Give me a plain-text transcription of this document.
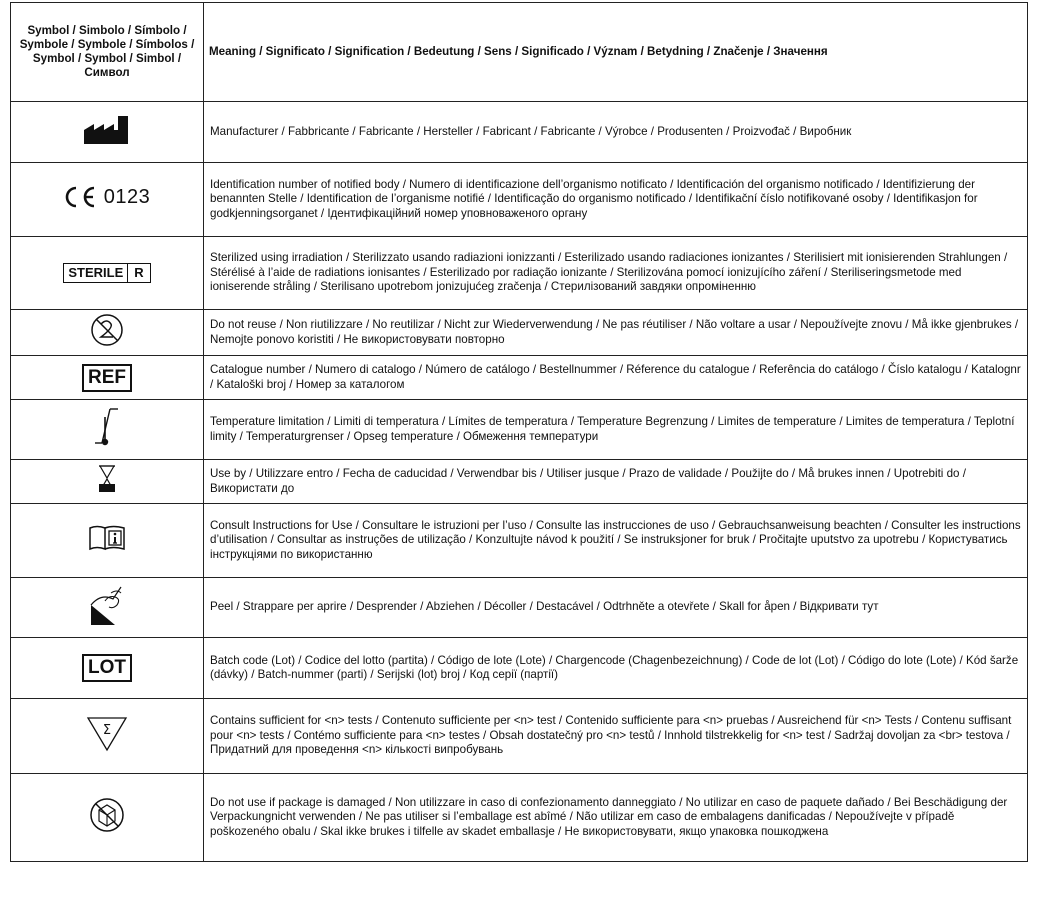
Symbol / Simbolo / Símbolo / Symbole / Symbole / Símbolos / Symbol / Symbol / Simbol / Символ	Meaning / Significato / Signification / Bedeutung / Sens / Significado / Význam / Betydning / Značenje / Значення
	Manufacturer / Fabbricante / Fabricante / Hersteller / Fabricant / Fabricante / Výrobce / Produsenten / Proizvođač / Виробник

0123	Identification number of notified body / Numero di identificazione dell’organismo notificato / Identificación del organismo notificado / Identifizierung der benannten Stelle / Identification de l’organisme notifié / Identificação do organismo notificado / Identifikační číslo notifikované osoby / Identifikasjon for godkjenningsorganet / Ідентифікаційний номер уповноваженого органу

STERILE R	Sterilized using irradiation / Sterilizzato usando radiazioni ionizzanti / Esterilizado usando radiaciones ionizantes / Sterilisiert mit ionisierenden Strahlungen / Stérélisé à l’aide de radiations ionisantes / Esterilizado por radiação ionizante / Sterilizována pomocí ionizujícího záření / Steriliseringsmetode med ioniserende stråling / Sterilisano upotrebom jonizujućeg zračenja / Стерилізований завдяки опроміненню
	Do not reuse / Non riutilizzare / No reutilizar / Nicht zur Wiederverwendung / Ne pas réutiliser / Não voltare a usar / Nepoužívejte znovu / Må ikke gjenbrukes / Nemojte ponovo koristiti / Не використовувати повторно
REF	Catalogue number / Numero di catalogo / Número de catálogo / Bestellnummer / Réference du catalogue / Referência do catálogo / Číslo katalogu / Katalognr / Kataloški broj / Номер за каталогом
	Temperature limitation / Limiti di temperatura / Límites de temperatura / Temperature Begrenzung / Limites de temperature / Limites de temperatura / Teplotní limity / Temperaturgrenser / Opseg temperature / Обмеження температури
	Use by / Utilizzare entro / Fecha de caducidad / Verwendbar bis / Utiliser jusque / Prazo de validade / Použijte do / Må brukes innen / Upotrebiti do / Використати до
	Consult Instructions for Use / Consultare le istruzioni per l’uso / Consulte las instrucciones de uso / Gebrauchsanweisung beachten / Consulter les instructions d’utilisation / Consultar as instruções de utilização / Konzultujte návod k použití / Se instruksjoner for bruk / Pročitajte uputstvo za upotrebu / Користуватись інструкціями по використанню
	Peel / Strappare per aprire / Desprender / Abziehen / Décoller / Destacável / Odtrhněte a otevřete / Skall for åpen / Відкривати тут
LOT	Batch code (Lot) / Codice del lotto (partita) / Código de lote (Lote) / Chargencode (Chagenbezeichnung) / Code de lot (Lot) / Código do lote (Lote) / Kód šarže (dávky) / Batch-nummer (parti) / Serijski (lot) broj / Код серії (партії)

Σ	Contains sufficient for <n> tests / Contenuto sufficiente per <n> test / Contenido sufficiente para <n> pruebas / Ausreichend für <n> Tests / Contenu suffisant pour <n> tests / Contémo sufficiente para <n> testes / Obsah dostatečný pro <n> testů / Innhold tilstrekkelig for <n> test / Sadržaj dovoljan za <br> testova / Придатний для проведення <n> кількості випробувань
	Do not use if package is damaged / Non utilizzare in caso di confezionamento danneggiato / No utilizar en caso de paquete dañado / Bei Beschädigung der Verpackungnicht verwenden / Ne pas utiliser si l’emballage est abîmé / Não utilizar em caso de embalagens danificadas / Nepoužívejte v případě poškozeného obalu / Skal ikke brukes i tilfelle av skadet emballasje / Не використовувати, якщо упаковка пошкоджена
